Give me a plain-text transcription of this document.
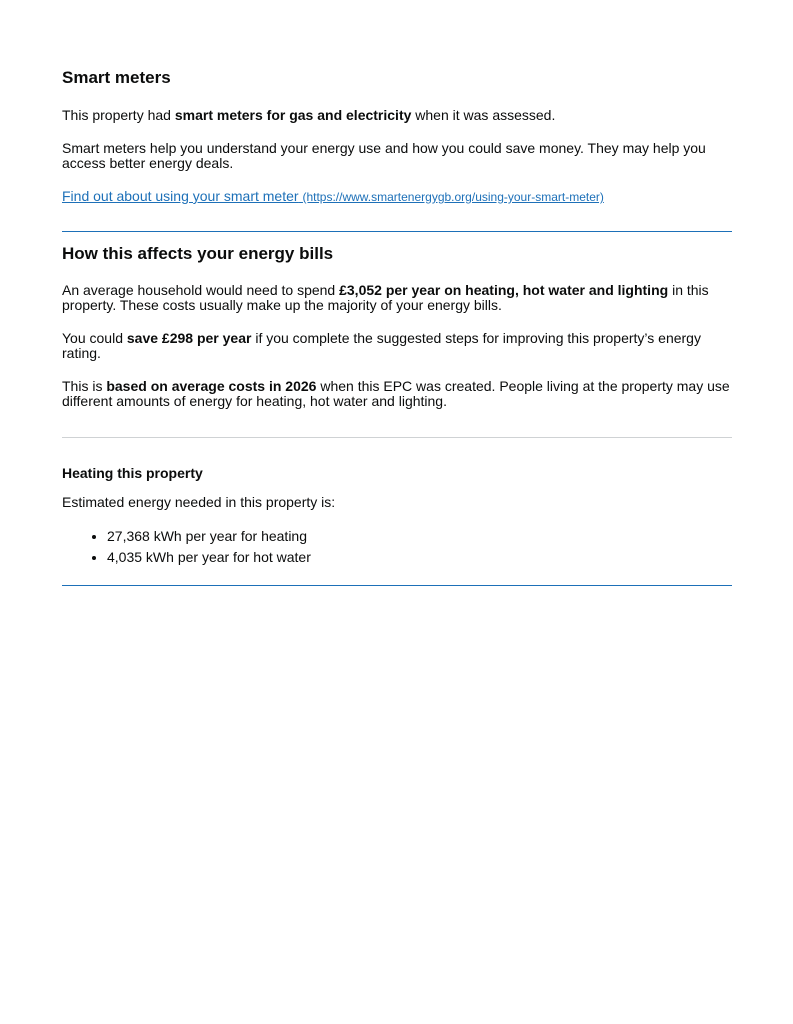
Smart meters

This property had smart meters for gas and electricity when it was assessed.

Smart meters help you understand your energy use and how you could save money. They may help you access better energy deals.

Find out about using your smart meter (https://www.smartenergygb.org/using-your-smart-meter)

How this affects your energy bills

An average household would need to spend £3,052 per year on heating, hot water and lighting in this property. These costs usually make up the majority of your energy bills.

You could save £298 per year if you complete the suggested steps for improving this property’s energy rating.

This is based on average costs in 2026 when this EPC was created. People living at the property may use different amounts of energy for heating, hot water and lighting.

Heating this property

Estimated energy needed in this property is:

• 27,368 kWh per year for heating
• 4,035 kWh per year for hot water
